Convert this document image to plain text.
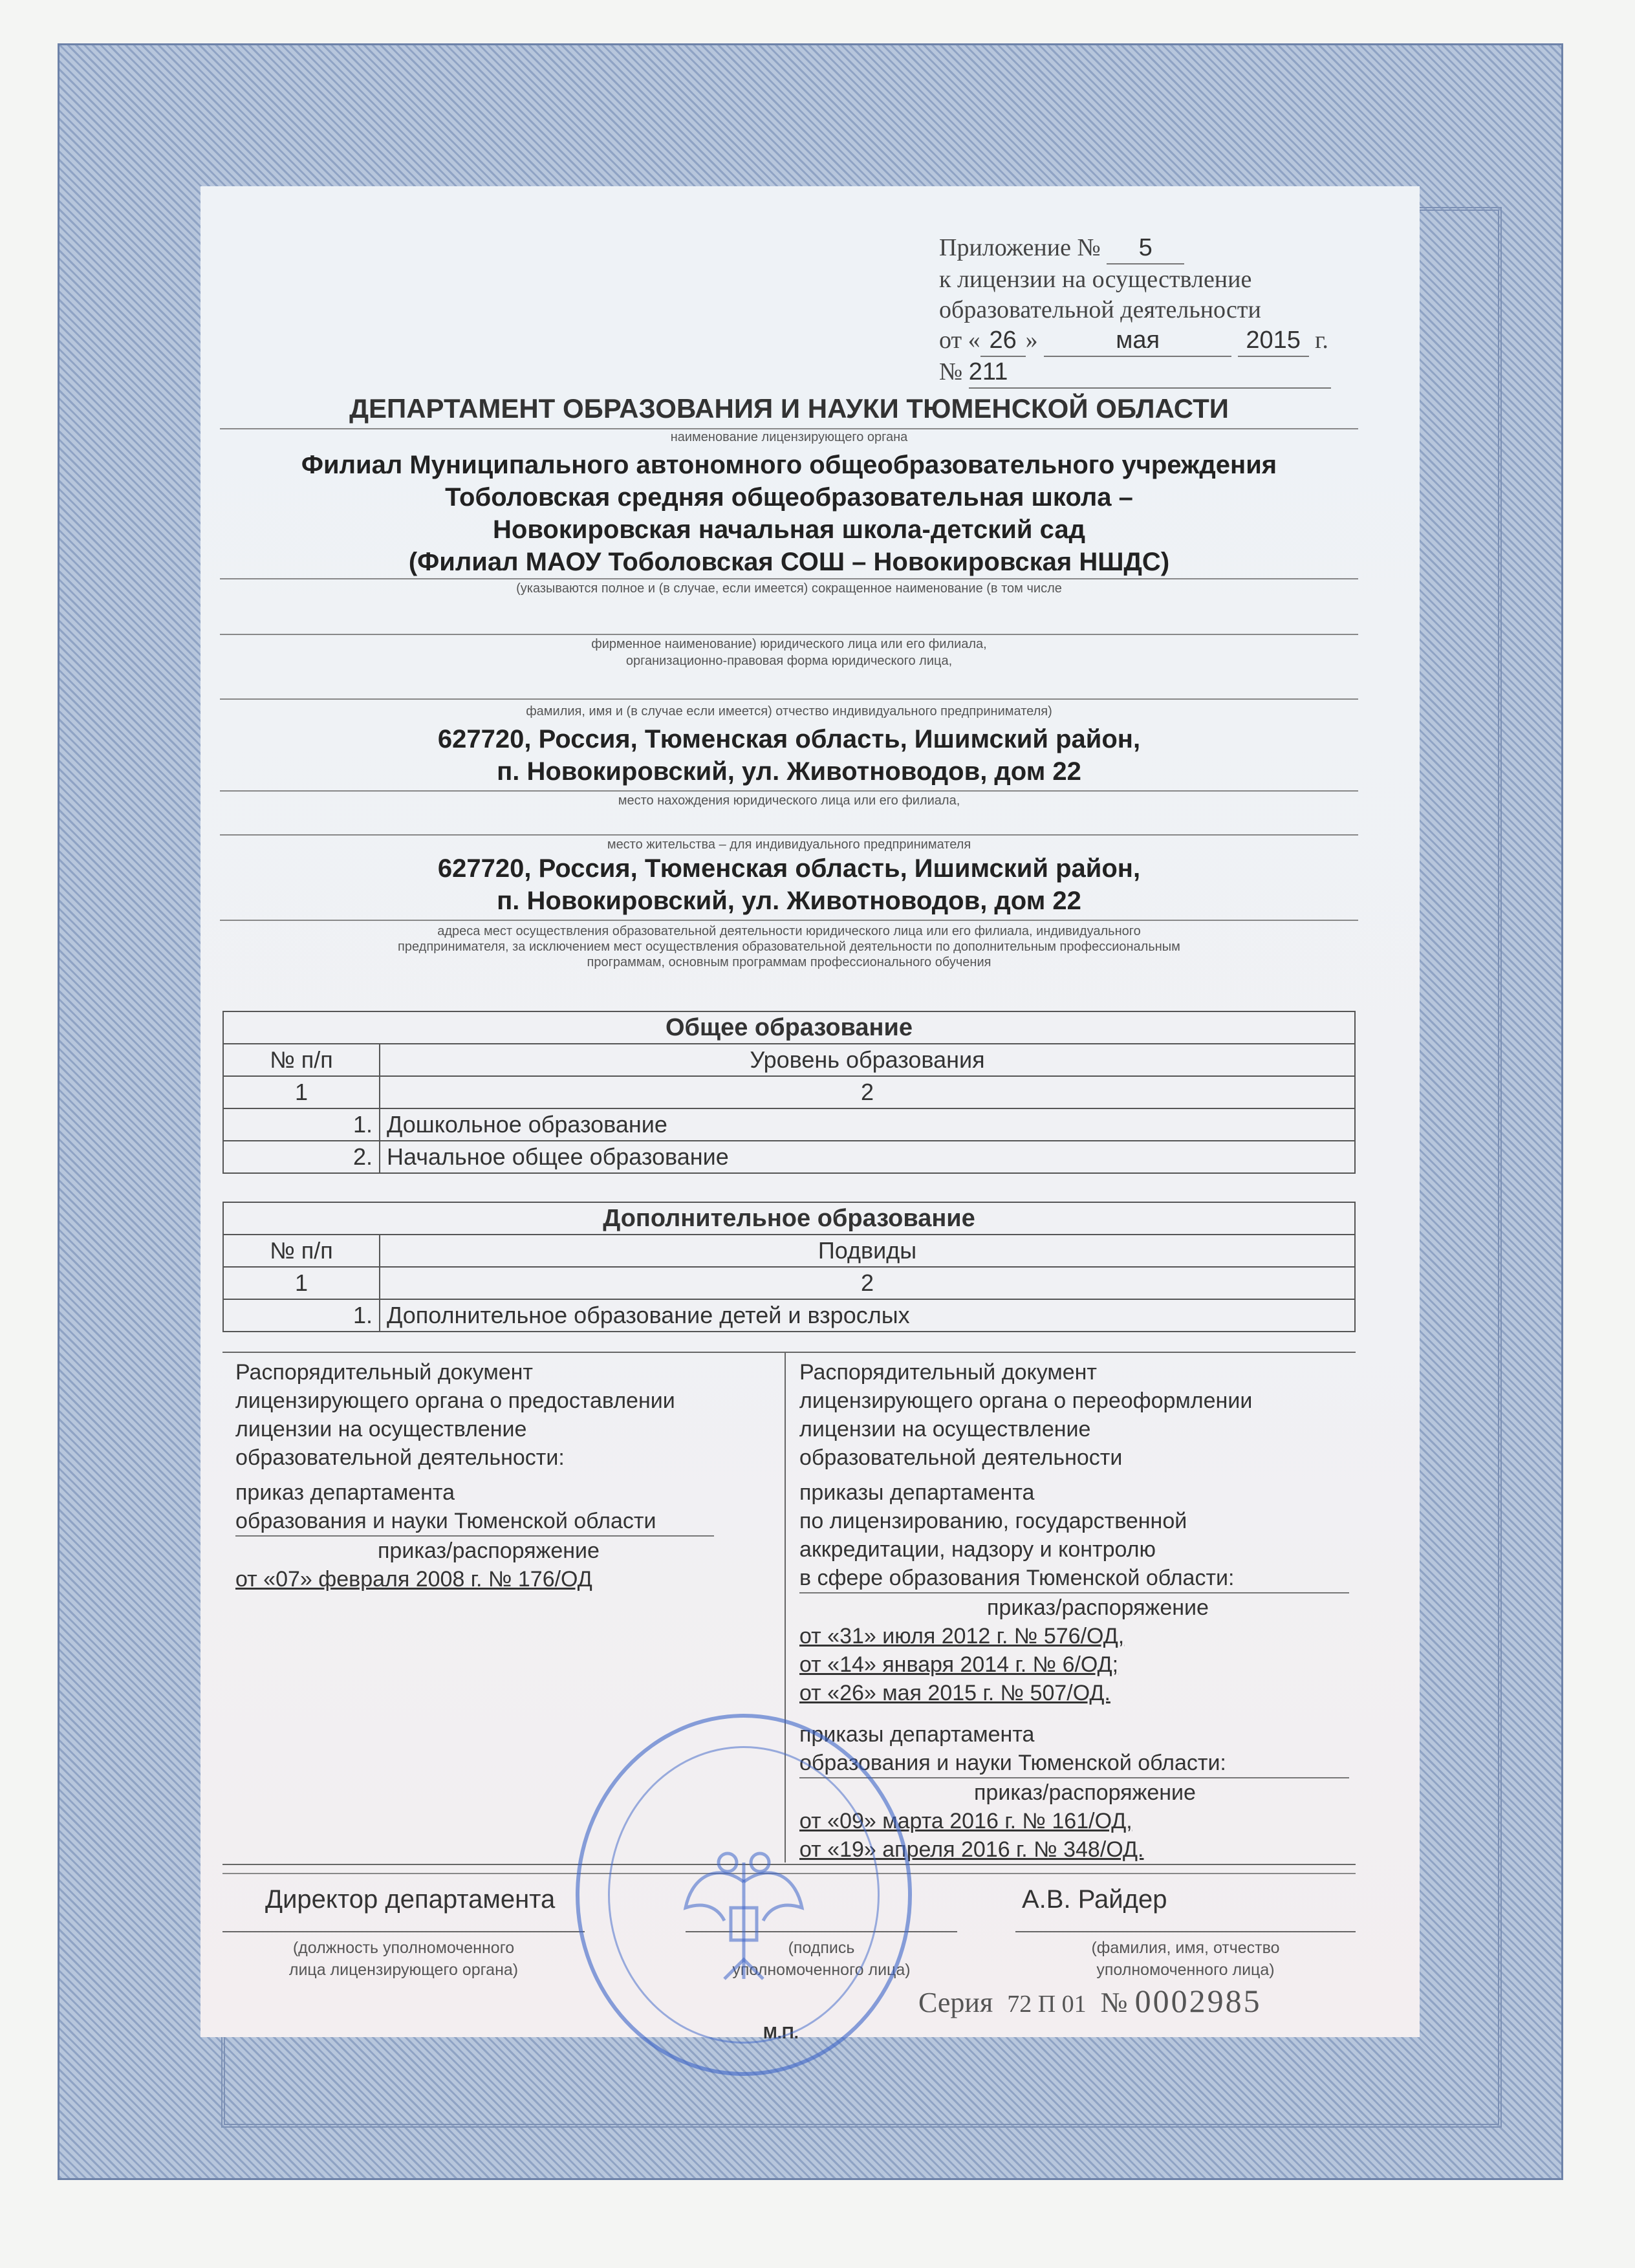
Приложение № 5
к лицензии на осуществление
образовательной деятельности
от « 26 »	мая	2015 г.
№ 211
ДЕПАРТАМЕНТ ОБРАЗОВАНИЯ И НАУКИ ТЮМЕНСКОЙ ОБЛАСТИ
наименование лицензирующего органа
Филиал Муниципального автономного общеобразовательного учреждения
Тоболовская средняя общеобразовательная школа –
Новокировская начальная школа-детский сад
(Филиал МАОУ Тоболовская СОШ – Новокировская НШДС)
(указываются полное и (в случае, если имеется) сокращенное наименование (в том числе
фирменное наименование) юридического лица или его филиала,
организационно-правовая форма юридического лица,
фамилия, имя и (в случае если имеется) отчество индивидуального предпринимателя)
627720, Россия, Тюменская область, Ишимский район,
п. Новокировский, ул. Животноводов, дом 22
место нахождения юридического лица или его филиала,
место жительства – для индивидуального предпринимателя
627720, Россия, Тюменская область, Ишимский район,
п. Новокировский, ул. Животноводов, дом 22
адреса мест осуществления образовательной деятельности юридического лица или его филиала, индивидуального
предпринимателя, за исключением мест осуществления образовательной деятельности по дополнительным профессиональным
программам, основным программам профессионального обучения
Общее образование	
№ п/п	Уровень образования
1	2
1.	Дошкольное образование
2.	Начальное общее образование
Дополнительное образование	
№ п/п	Подвиды
1	2
1.	Дополнительное образование детей и взрослых
Распорядительный документ
лицензирующего органа о предоставлении
лицензии на осуществление
образовательной деятельности:
приказ департамента
образования и науки Тюменской области
приказ/распоряжение
от «07» февраля 2008 г. № 176/ОД
Распорядительный документ
лицензирующего органа о переоформлении
лицензии на осуществление
образовательной деятельности
приказы департамента
по лицензированию, государственной
аккредитации, надзору и контролю
в сфере образования Тюменской области:
приказ/распоряжение
от «31» июля 2012 г. № 576/ОД,
от «14» января 2014 г. № 6/ОД;
от «26» мая 2015 г. № 507/ОД.
приказы департамента
образования и науки Тюменской области:
приказ/распоряжение
от «09» марта 2016 г. № 161/ОД,
от «19» апреля 2016 г. № 348/ОД.
Директор департамента	А.В. Райдер
(должность уполномоченного
лица лицензирующего органа)
(подпись
уполномоченного лица)
(фамилия, имя, отчество
уполномоченного лица)
Серия 72 П 01 № 0002985
М.П.
